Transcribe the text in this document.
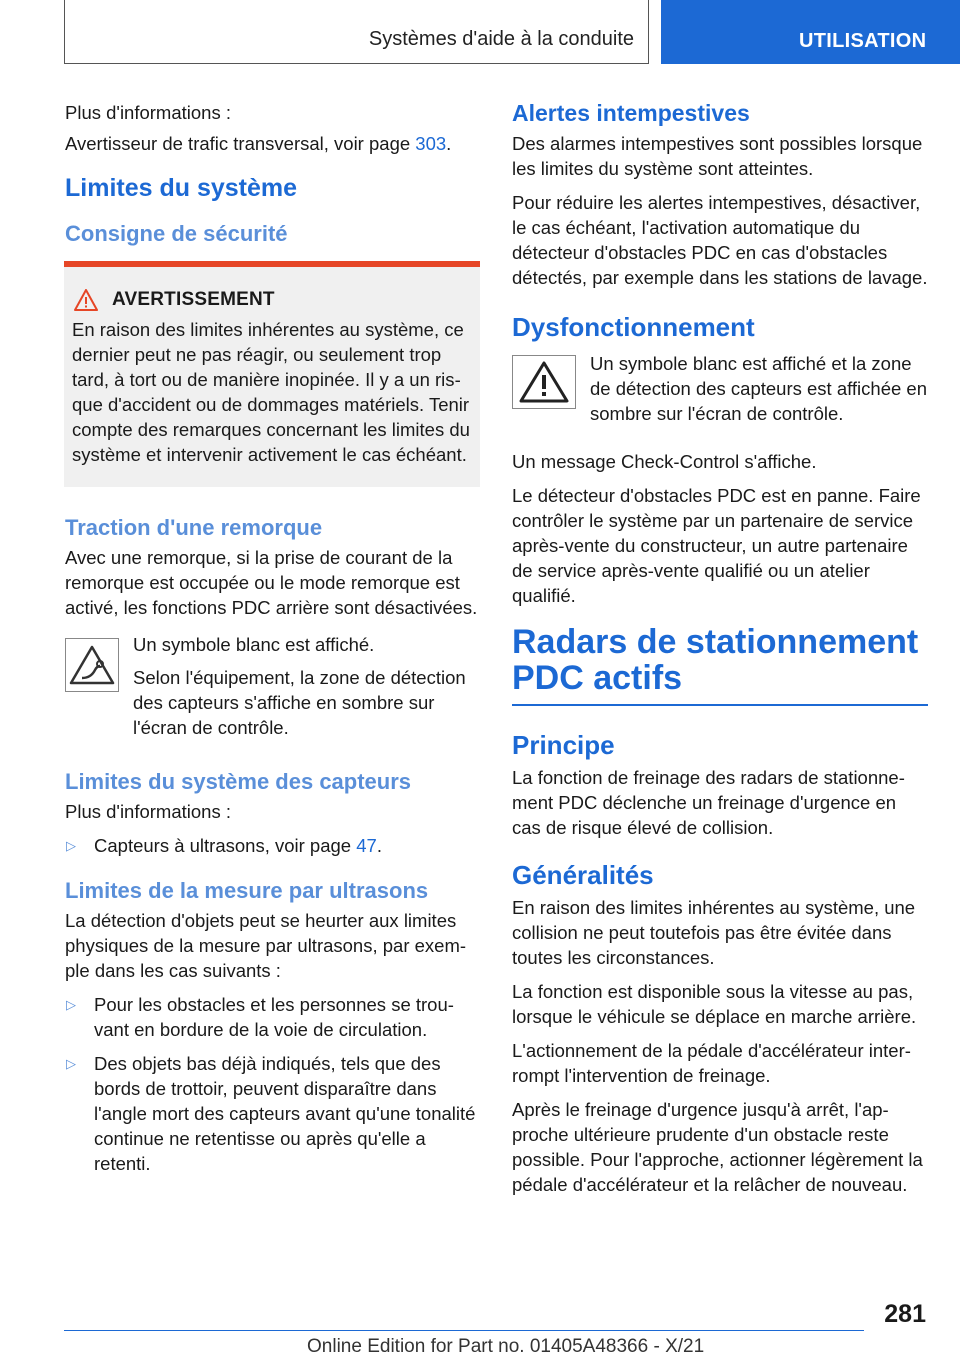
Systèmes d'aide à la conduite	UTILISATION

Plus d'informations :

Avertisseur de trafic transversal, voir page 303.

Limites du système
Consigne de sécurité
AVERTISSEMENT

En raison des limites inhérentes au système, ce dernier peut ne pas réagir, ou seulement trop tard, à tort ou de manière inopinée. Il y a un risque d'accident ou de dommages matériels. Tenir compte des remarques concernant les limites du système et intervenir activement le cas échéant.

Traction d'une remorque

Avec une remorque, si la prise de courant de la remorque est occupée ou le mode remorque est activé, les fonctions PDC arrière sont désactivées.

Un symbole blanc est affiché.

Selon l'équipement, la zone de détection des capteurs s'affiche en sombre sur l'écran de contrôle.

Limites du système des capteurs

Plus d'informations :

▷ Capteurs à ultrasons, voir page 47.

Limites de la mesure par ultrasons

La détection d'objets peut se heurter aux limites physiques de la mesure par ultrasons, par exemple dans les cas suivants :

▷ Pour les obstacles et les personnes se trouvant en bordure de la voie de circulation.

▷ Des objets bas déjà indiqués, tels que des bords de trottoir, peuvent disparaître dans l'angle mort des capteurs avant qu'une tonalité continue ne retentisse ou après qu'elle a retenti.

Alertes intempestives

Des alarmes intempestives sont possibles lorsque les limites du système sont atteintes.

Pour réduire les alertes intempestives, désactiver, le cas échéant, l'activation automatique du détecteur d'obstacles PDC en cas d'obstacles détectés, par exemple dans les stations de lavage.

Dysfonctionnement

Un symbole blanc est affiché et la zone de détection des capteurs est affichée en sombre sur l'écran de contrôle.

Un message Check-Control s'affiche.

Le détecteur d'obstacles PDC est en panne. Faire contrôler le système par un partenaire de service après-vente du constructeur, un autre partenaire de service après-vente qualifié ou un atelier qualifié.

Radars de stationnement PDC actifs
Principe

La fonction de freinage des radars de stationnement PDC déclenche un freinage d'urgence en cas de risque élevé de collision.

Généralités

En raison des limites inhérentes au système, une collision ne peut toutefois pas être évitée dans toutes les circonstances.

La fonction est disponible sous la vitesse au pas, lorsque le véhicule se déplace en marche arrière.

L'actionnement de la pédale d'accélérateur interrompt l'intervention de freinage.

Après le freinage d'urgence jusqu'à arrêt, l'approche ultérieure prudente d'un obstacle reste possible. Pour l'approche, actionner légèrement la pédale d'accélérateur et la relâcher de nouveau.

281
Online Edition for Part no. 01405A48366 - X/21
